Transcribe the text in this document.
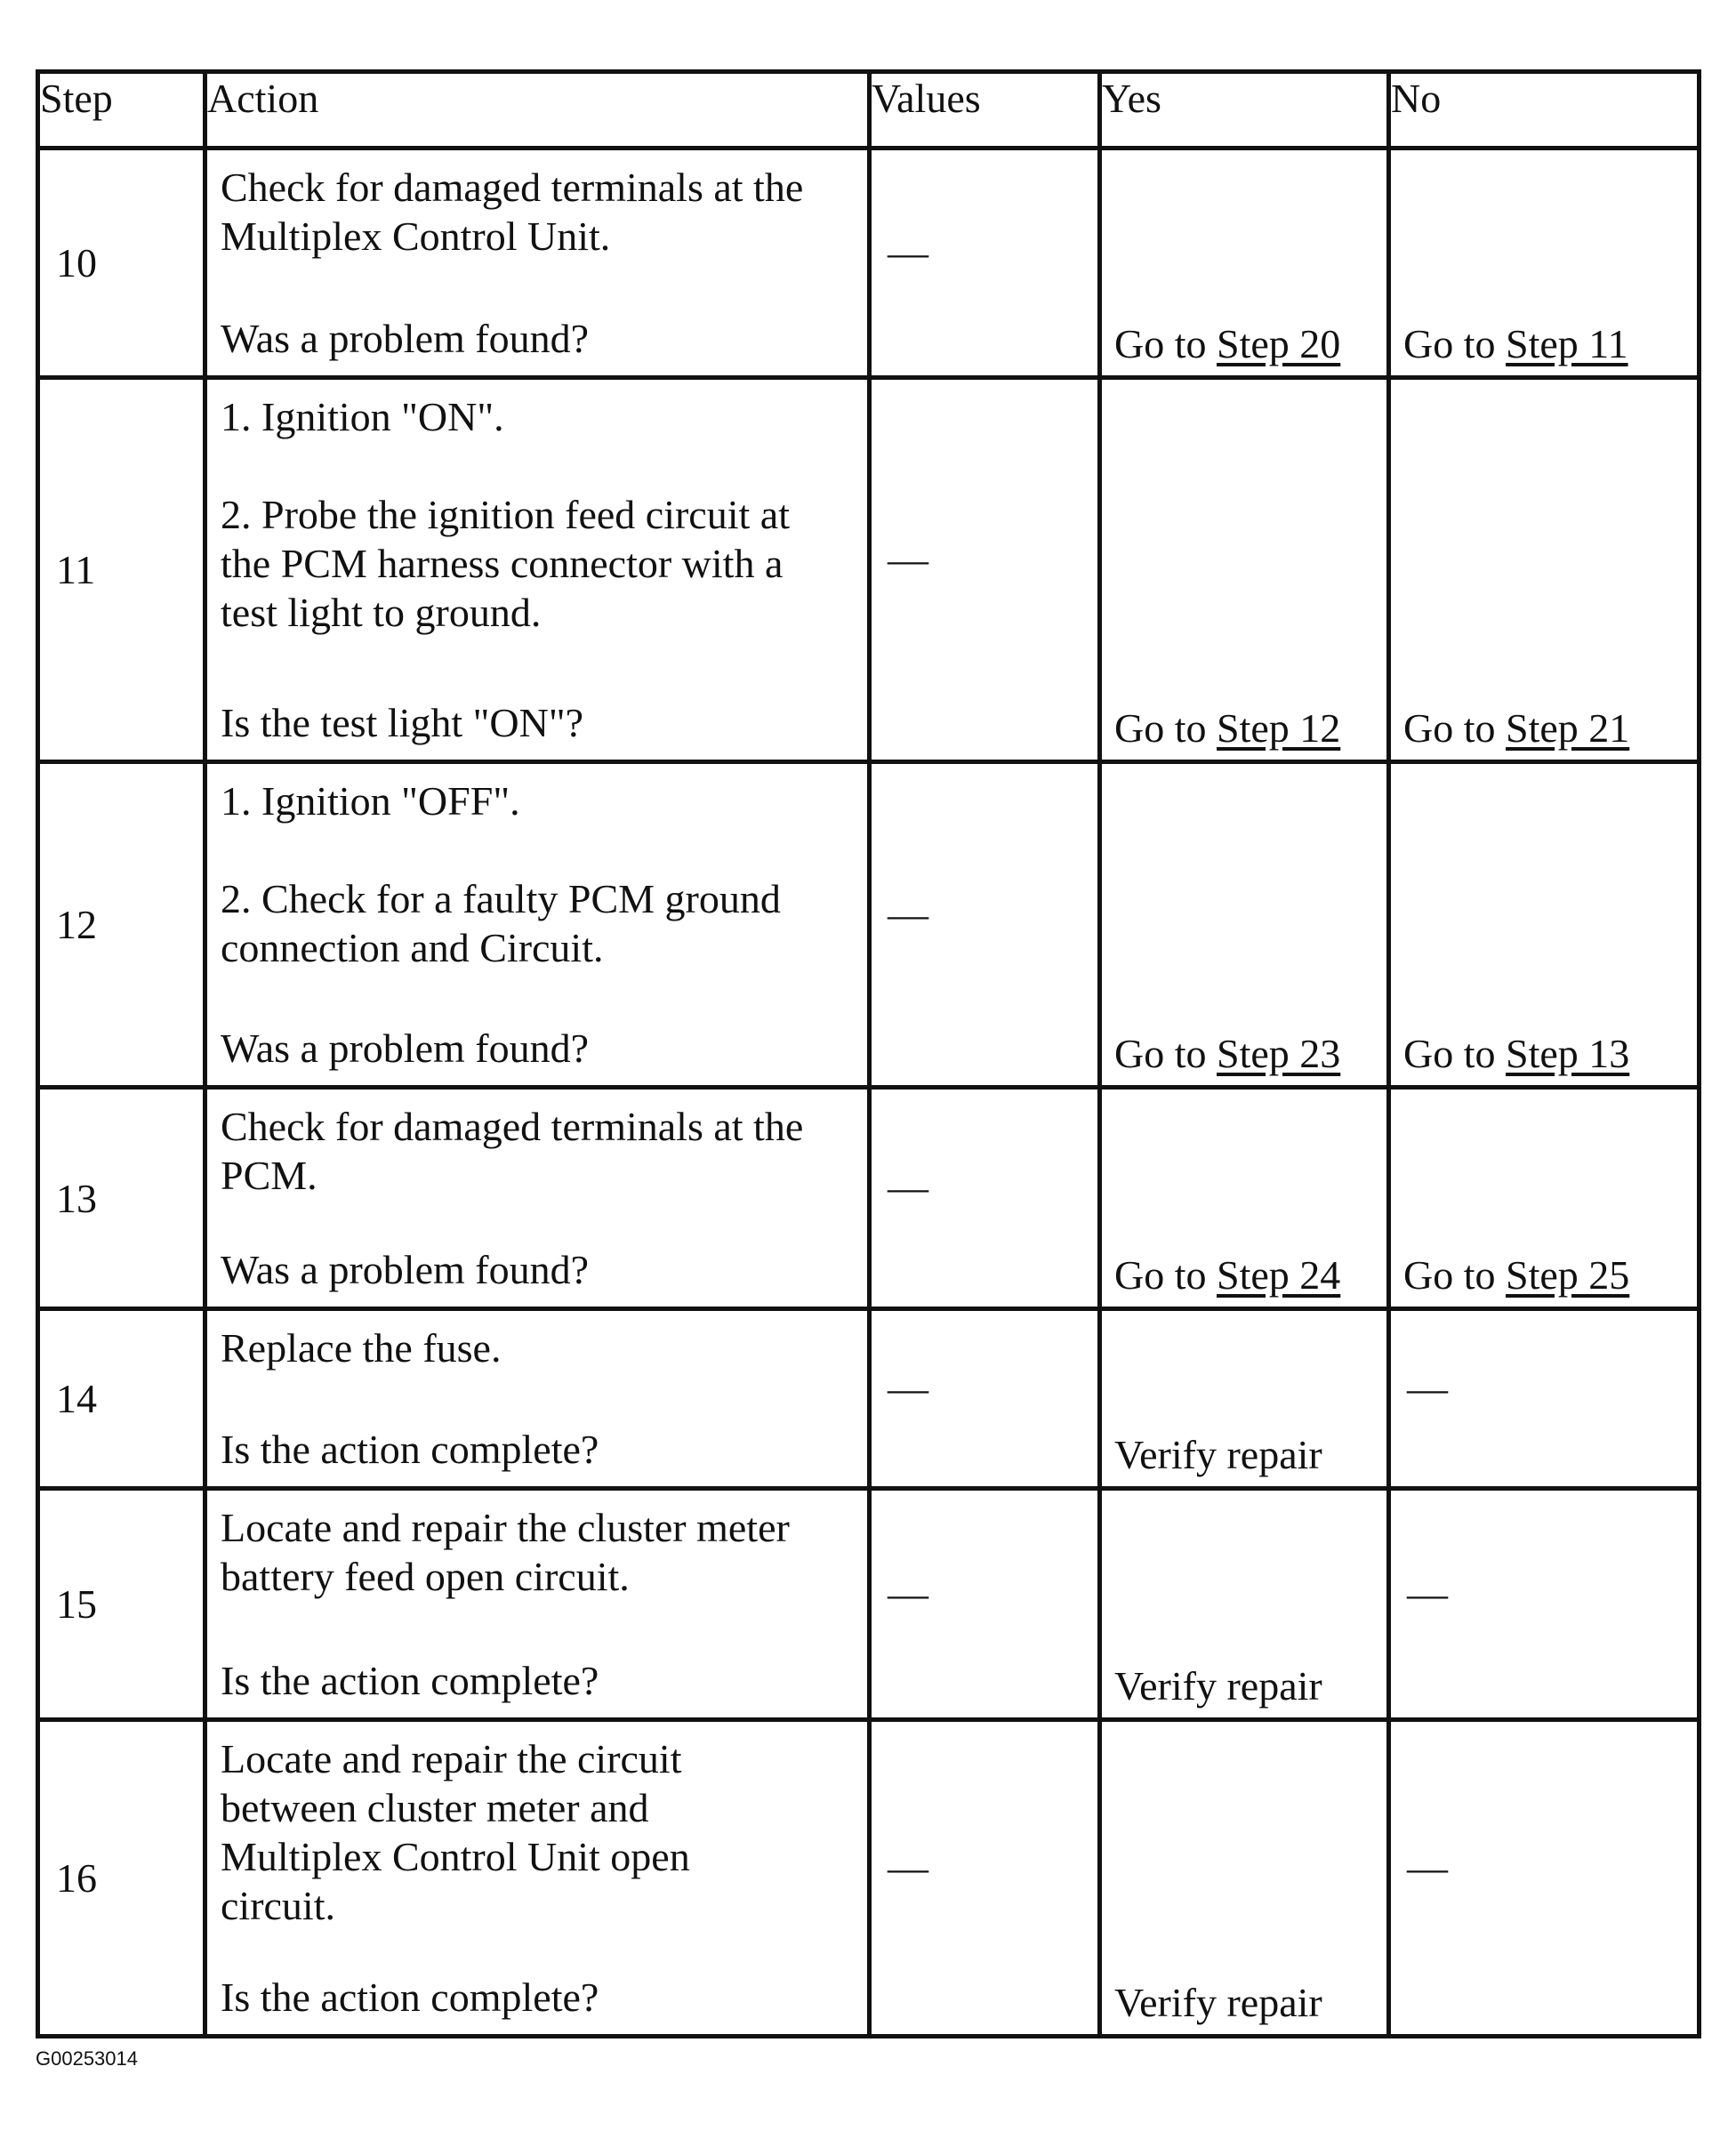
Step	Action	Values	Yes	No
10	Check for damaged terminals at the
Multiplex Control Unit.
Was a problem found?	—	Go to Step 20	Go to Step 11

11	1. Ignition "ON".
2. Probe the ignition feed circuit at
the PCM harness connector with a
test light to ground.
Is the test light "ON"?	—	Go to Step 12	Go to Step 21

12	1. Ignition "OFF".
2. Check for a faulty PCM ground
connection and Circuit.
Was a problem found?	—	Go to Step 23	Go to Step 13

13	Check for damaged terminals at the
PCM.
Was a problem found?	—	Go to Step 24	Go to Step 25

14	Replace the fuse.
Is the action complete?	—	Verify repair	—

15	Locate and repair the cluster meter
battery feed open circuit.
Is the action complete?	—	Verify repair	—

16	Locate and repair the circuit
between cluster meter and
Multiplex Control Unit open
circuit.
Is the action complete?	—	Verify repair	—
G00253014
